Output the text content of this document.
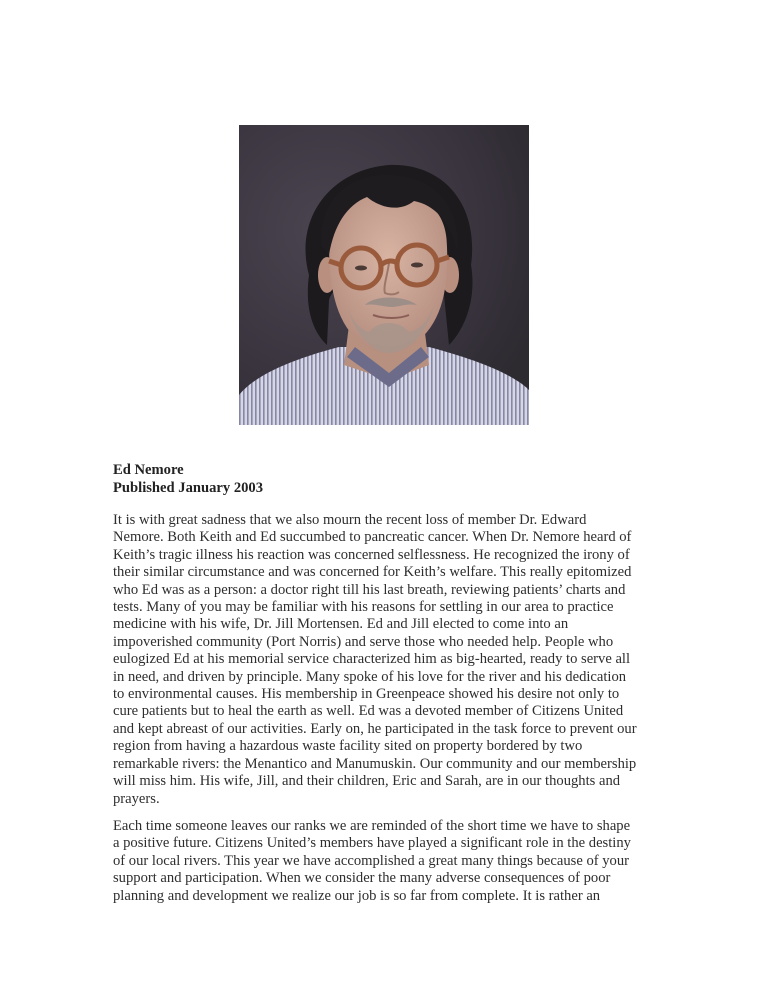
Ed Nemore
Published January 2003
It is with great sadness that we also mourn the recent loss of member Dr. Edward
Nemore. Both Keith and Ed succumbed to pancreatic cancer. When Dr. Nemore heard of
Keith’s tragic illness his reaction was concerned selflessness. He recognized the irony of
their similar circumstance and was concerned for Keith’s welfare. This really epitomized
who Ed was as a person: a doctor right till his last breath, reviewing patients’ charts and
tests. Many of you may be familiar with his reasons for settling in our area to practice
medicine with his wife, Dr. Jill Mortensen. Ed and Jill elected to come into an
impoverished community (Port Norris) and serve those who needed help. People who
eulogized Ed at his memorial service characterized him as big-hearted, ready to serve all
in need, and driven by principle. Many spoke of his love for the river and his dedication
to environmental causes. His membership in Greenpeace showed his desire not only to
cure patients but to heal the earth as well. Ed was a devoted member of Citizens United
and kept abreast of our activities. Early on, he participated in the task force to prevent our
region from having a hazardous waste facility sited on property bordered by two
remarkable rivers: the Menantico and Manumuskin. Our community and our membership
will miss him. His wife, Jill, and their children, Eric and Sarah, are in our thoughts and
prayers.
Each time someone leaves our ranks we are reminded of the short time we have to shape
a positive future. Citizens United’s members have played a significant role in the destiny
of our local rivers. This year we have accomplished a great many things because of your
support and participation. When we consider the many adverse consequences of poor
planning and development we realize our job is so far from complete. It is rather an
